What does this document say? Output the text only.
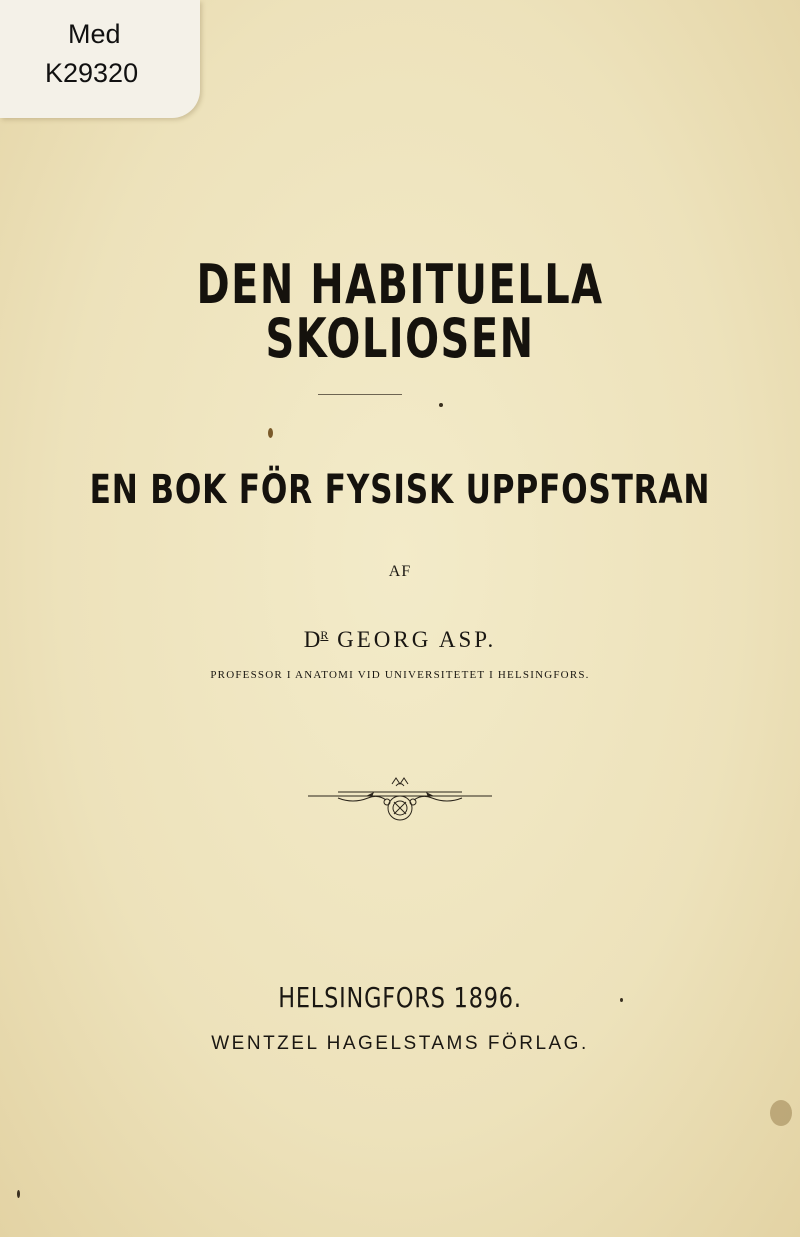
Med
K29320
DEN HABITUELLA SKOLIOSEN
EN BOK FÖR FYSISK UPPFOSTRAN
AF
$D^R$ GEORG ASP.
PROFESSOR I ANATOMI VID UNIVERSITETET I HELSINGFORS.
HELSINGFORS 1896.
WENTZEL HAGELSTAMS FÖRLAG.
